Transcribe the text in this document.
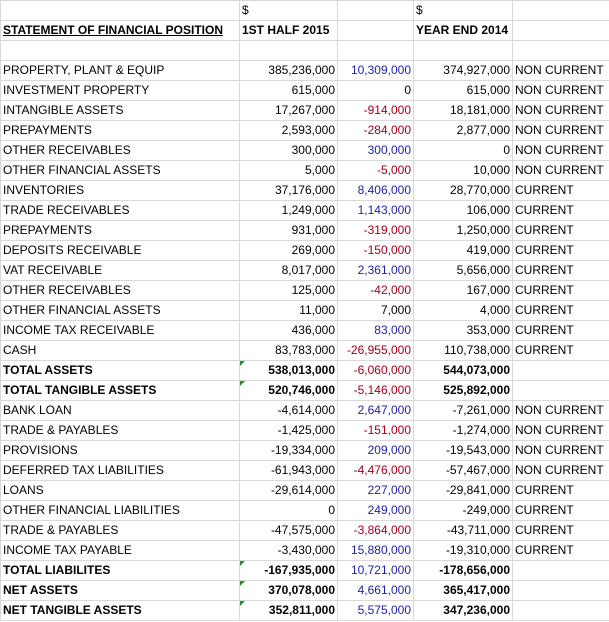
	$		$		
STATEMENT OF FINANCIAL POSITION	1ST HALF 2015		YEAR END 2014		

PROPERTY, PLANT & EQUIP	385,236,000	10,309,000	374,927,000	NON CURRENT	
INVESTMENT PROPERTY	615,000	0	615,000	NON CURRENT	
INTANGIBLE ASSETS	17,267,000	-914,000	18,181,000	NON CURRENT	
PREPAYMENTS	2,593,000	-284,000	2,877,000	NON CURRENT	
OTHER RECEIVABLES	300,000	300,000	0	NON CURRENT	
OTHER FINANCIAL ASSETS	5,000	-5,000	10,000	NON CURRENT	
INVENTORIES	37,176,000	8,406,000	28,770,000	CURRENT	
TRADE RECEIVABLES	1,249,000	1,143,000	106,000	CURRENT	
PREPAYMENTS	931,000	-319,000	1,250,000	CURRENT	
DEPOSITS RECEIVABLE	269,000	-150,000	419,000	CURRENT	
VAT RECEIVABLE	8,017,000	2,361,000	5,656,000	CURRENT	
OTHER RECEIVABLES	125,000	-42,000	167,000	CURRENT	
OTHER FINANCIAL ASSETS	11,000	7,000	4,000	CURRENT	
INCOME TAX RECEIVABLE	436,000	83,000	353,000	CURRENT	
CASH	83,783,000	-26,955,000	110,738,000	CURRENT	
TOTAL ASSETS	538,013,000	-6,060,000	544,073,000		
TOTAL TANGIBLE ASSETS	520,746,000	-5,146,000	525,892,000		
BANK LOAN	-4,614,000	2,647,000	-7,261,000	NON CURRENT	
TRADE & PAYABLES	-1,425,000	-151,000	-1,274,000	NON CURRENT	
PROVISIONS	-19,334,000	209,000	-19,543,000	NON CURRENT	
DEFERRED TAX LIABILITIES	-61,943,000	-4,476,000	-57,467,000	NON CURRENT	
LOANS	-29,614,000	227,000	-29,841,000	CURRENT	
OTHER FINANCIAL LIABILITIES	0	249,000	-249,000	CURRENT	
TRADE & PAYABLES	-47,575,000	-3,864,000	-43,711,000	CURRENT	
INCOME TAX PAYABLE	-3,430,000	15,880,000	-19,310,000	CURRENT	
TOTAL LIABILITES	-167,935,000	10,721,000	-178,656,000		
NET ASSETS	370,078,000	4,661,000	365,417,000		
NET TANGIBLE ASSETS	352,811,000	5,575,000	347,236,000		
